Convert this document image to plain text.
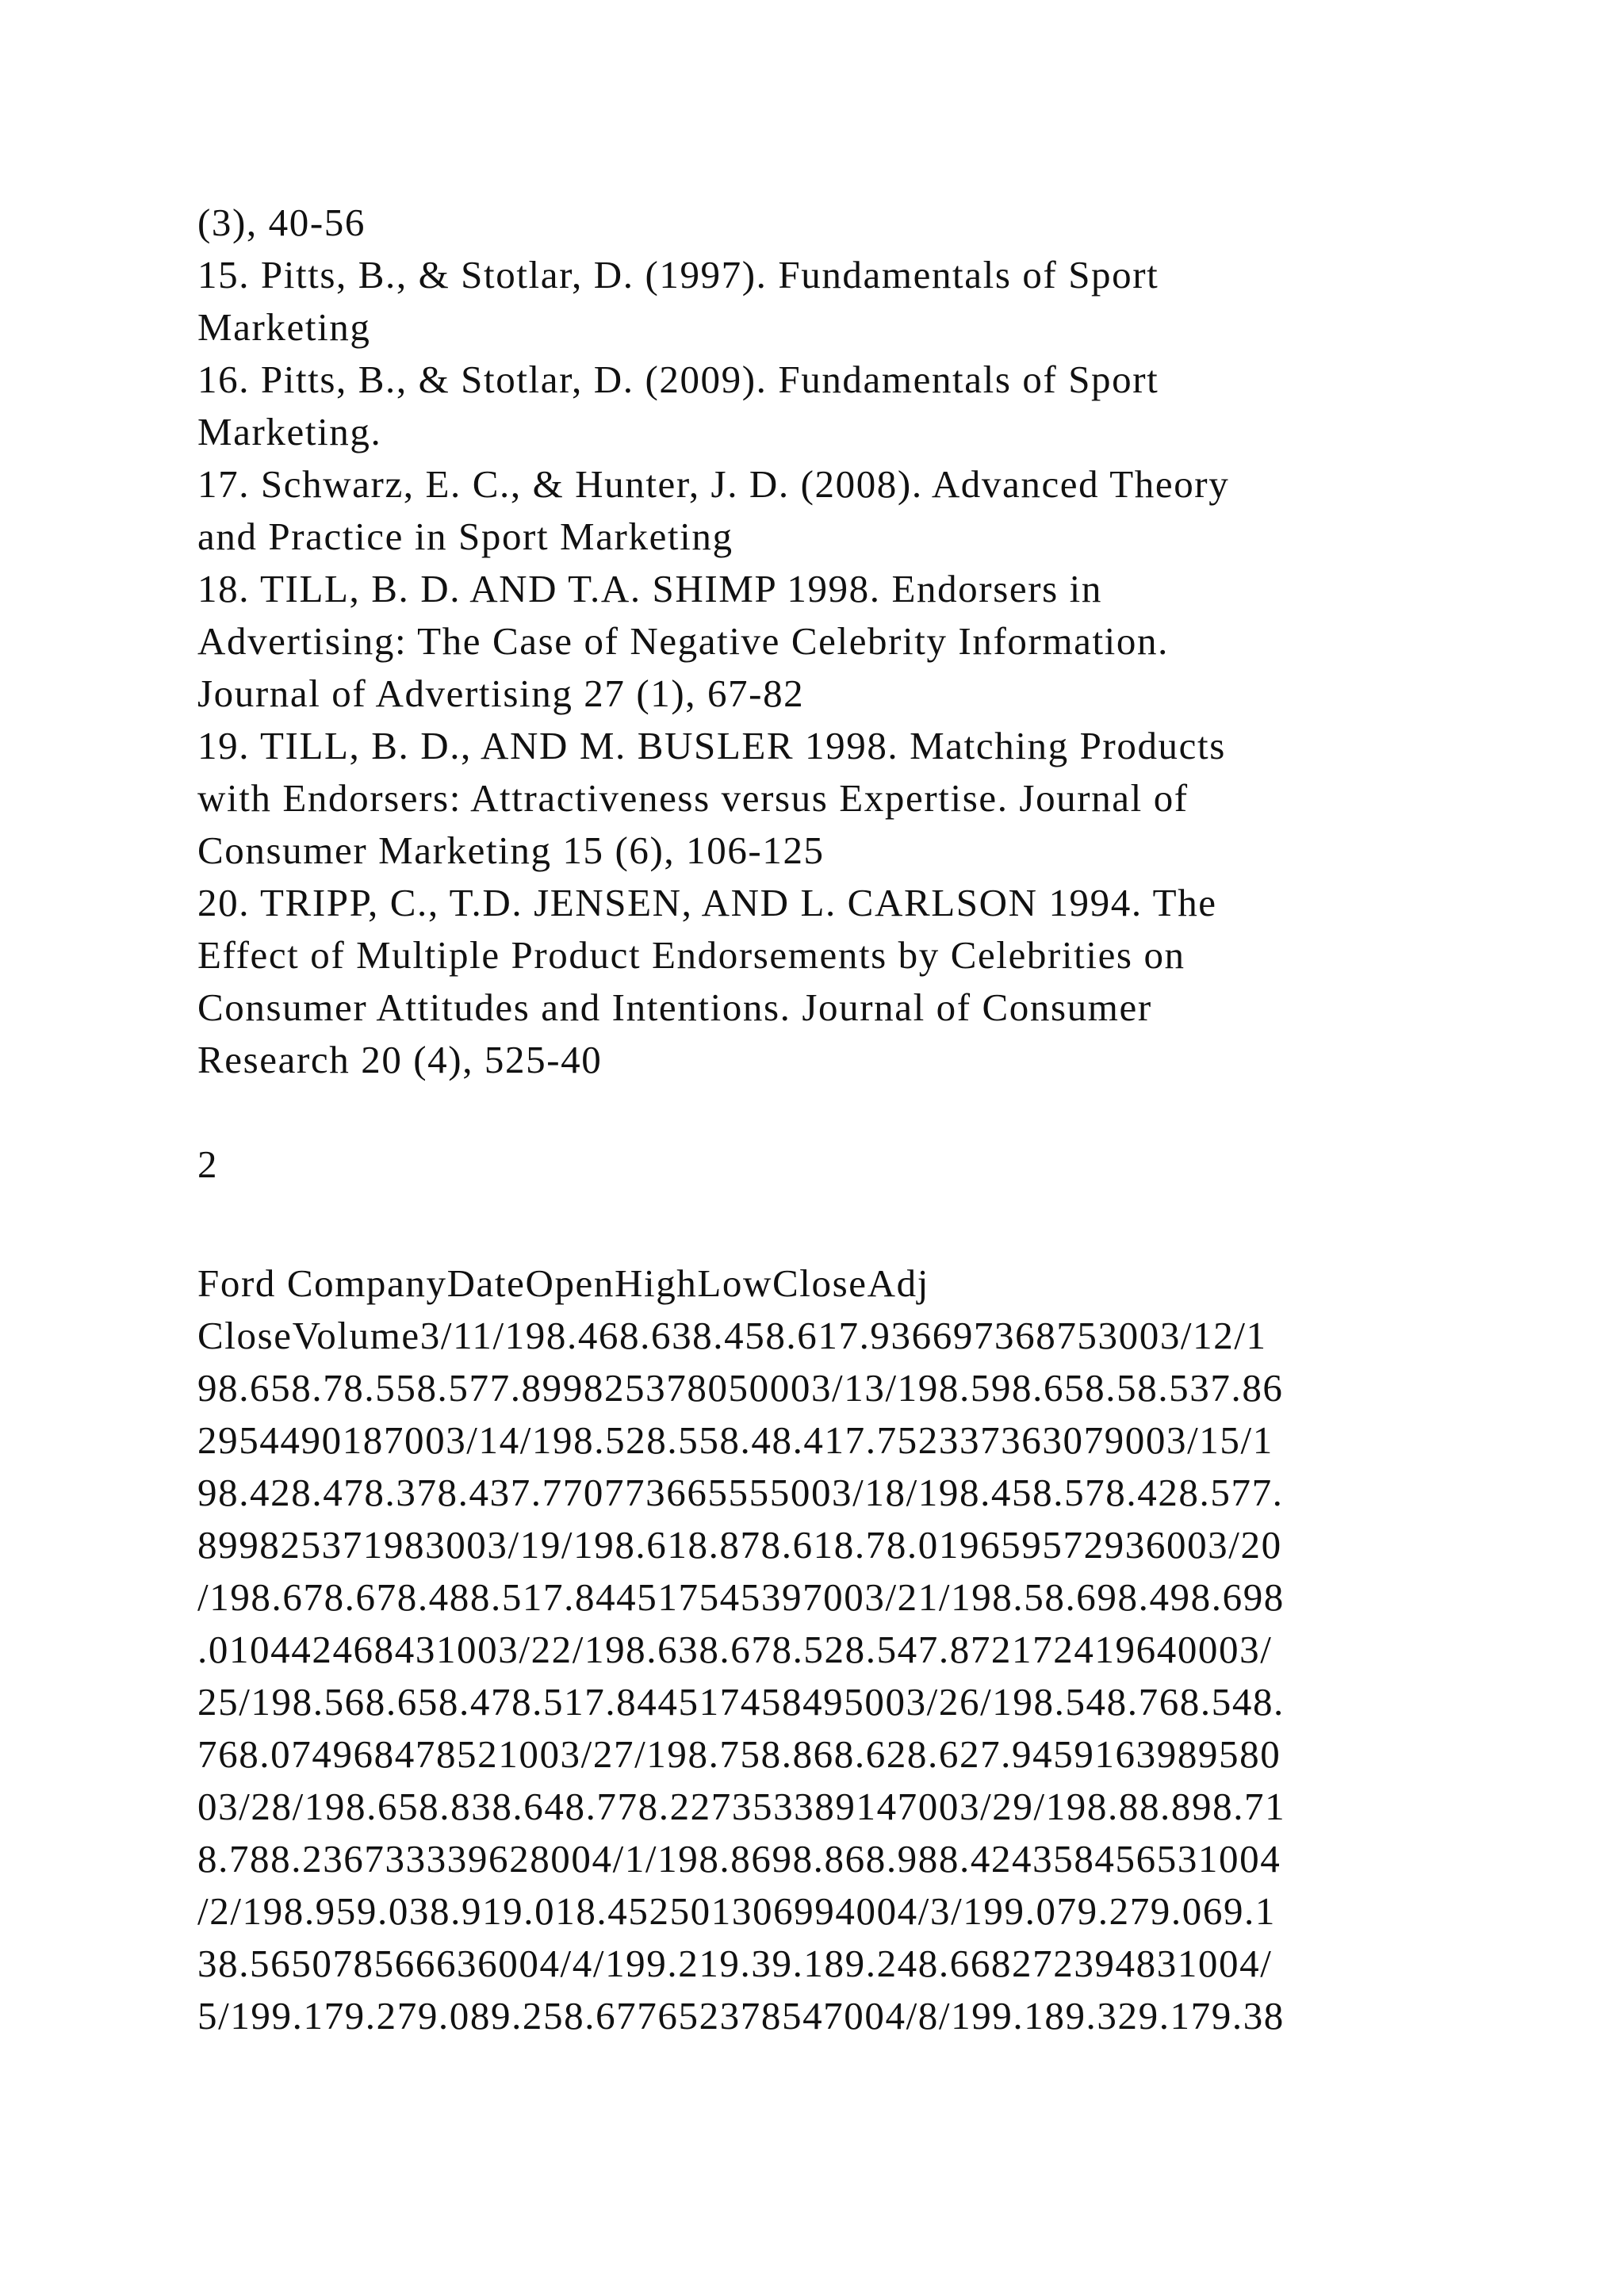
(3), 40-56
15. Pitts, B., & Stotlar, D. (1997). Fundamentals of Sport
Marketing
16. Pitts, B., & Stotlar, D. (2009). Fundamentals of Sport
Marketing.
17. Schwarz, E. C., & Hunter, J. D. (2008). Advanced Theory
and Practice in Sport Marketing
18. TILL, B. D. AND T.A. SHIMP 1998. Endorsers in
Advertising: The Case of Negative Celebrity Information.
Journal of Advertising 27 (1), 67-82
19. TILL, B. D., AND M. BUSLER 1998. Matching Products
with Endorsers: Attractiveness versus Expertise. Journal of
Consumer Marketing 15 (6), 106-125
20. TRIPP, C., T.D. JENSEN, AND L. CARLSON 1994. The
Effect of Multiple Product Endorsements by Celebrities on
Consumer Attitudes and Intentions. Journal of Consumer
Research 20 (4), 525-40
2
Ford CompanyDateOpenHighLowCloseAdj
CloseVolume3/11/198.468.638.458.617.936697368753003/12/1
98.658.78.558.577.899825378050003/13/198.598.658.58.537.86
2954490187003/14/198.528.558.48.417.752337363079003/15/1
98.428.478.378.437.770773665555003/18/198.458.578.428.577.
899825371983003/19/198.618.878.618.78.019659572936003/20
/198.678.678.488.517.844517545397003/21/198.58.698.498.698
.010442468431003/22/198.638.678.528.547.872172419640003/
25/198.568.658.478.517.844517458495003/26/198.548.768.548.
768.074968478521003/27/198.758.868.628.627.9459163989580
03/28/198.658.838.648.778.227353389147003/29/198.88.898.71
8.788.236733339628004/1/198.8698.868.988.424358456531004
/2/198.959.038.919.018.452501306994004/3/199.079.279.069.1
38.565078566636004/4/199.219.39.189.248.668272394831004/
5/199.179.279.089.258.677652378547004/8/199.189.329.179.38
